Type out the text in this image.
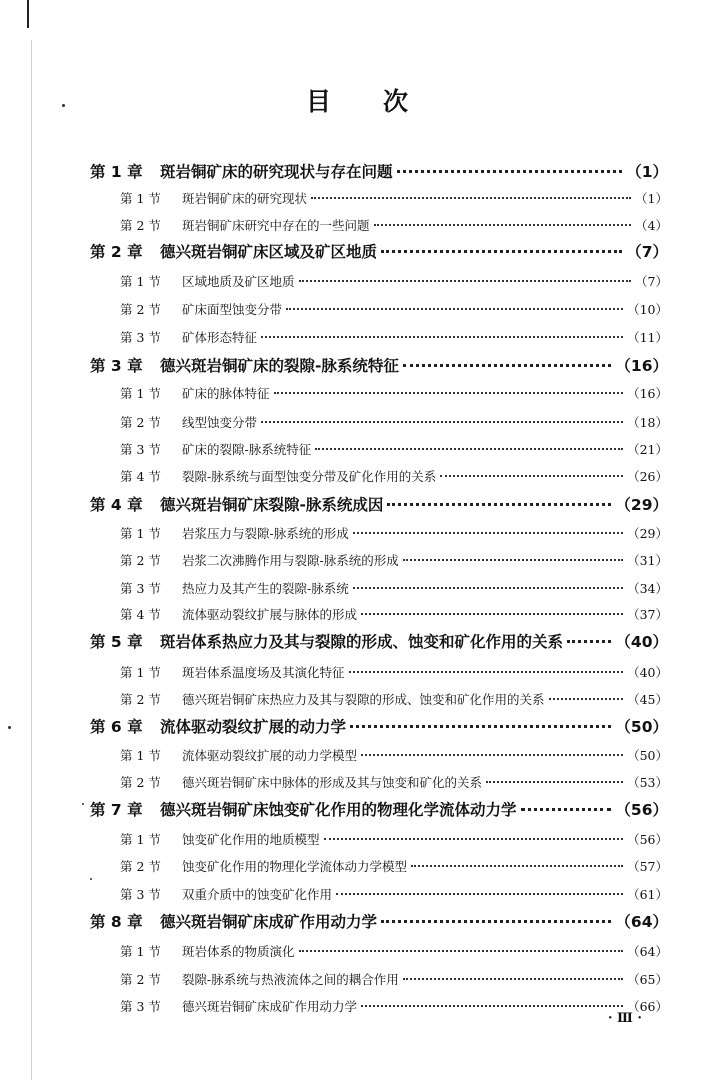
目 次
第 1 章	斑岩铜矿床的研究现状与存在问题	（1）
第 1 节	斑岩铜矿床的研究现状	（1）
第 2 节	斑岩铜矿床研究中存在的一些问题	（4）
第 2 章	德兴斑岩铜矿床区域及矿区地质	（7）
第 1 节	区域地质及矿区地质	（7）
第 2 节	矿床面型蚀变分带	（10）
第 3 节	矿体形态特征	（11）
第 3 章	德兴斑岩铜矿床的裂隙-脉系统特征	（16）
第 1 节	矿床的脉体特征	（16）
第 2 节	线型蚀变分带	（18）
第 3 节	矿床的裂隙-脉系统特征	（21）
第 4 节	裂隙-脉系统与面型蚀变分带及矿化作用的关系	（26）
第 4 章	德兴斑岩铜矿床裂隙-脉系统成因	（29）
第 1 节	岩浆压力与裂隙-脉系统的形成	（29）
第 2 节	岩浆二次沸腾作用与裂隙-脉系统的形成	（31）
第 3 节	热应力及其产生的裂隙-脉系统	（34）
第 4 节	流体驱动裂纹扩展与脉体的形成	（37）
第 5 章	斑岩体系热应力及其与裂隙的形成、蚀变和矿化作用的关系	（40）
第 1 节	斑岩体系温度场及其演化特征	（40）
第 2 节	德兴斑岩铜矿床热应力及其与裂隙的形成、蚀变和矿化作用的关系	（45）
第 6 章	流体驱动裂纹扩展的动力学	（50）
第 1 节	流体驱动裂纹扩展的动力学模型	（50）
第 2 节	德兴斑岩铜矿床中脉体的形成及其与蚀变和矿化的关系	（53）
第 7 章	德兴斑岩铜矿床蚀变矿化作用的物理化学流体动力学	（56）
第 1 节	蚀变矿化作用的地质模型	（56）
第 2 节	蚀变矿化作用的物理化学流体动力学模型	（57）
第 3 节	双重介质中的蚀变矿化作用	（61）
第 8 章	德兴斑岩铜矿床成矿作用动力学	（64）
第 1 节	斑岩体系的物质演化	（64）
第 2 节	裂隙-脉系统与热液流体之间的耦合作用	（65）
第 3 节	德兴斑岩铜矿床成矿作用动力学	（66）
· Ⅲ ·
